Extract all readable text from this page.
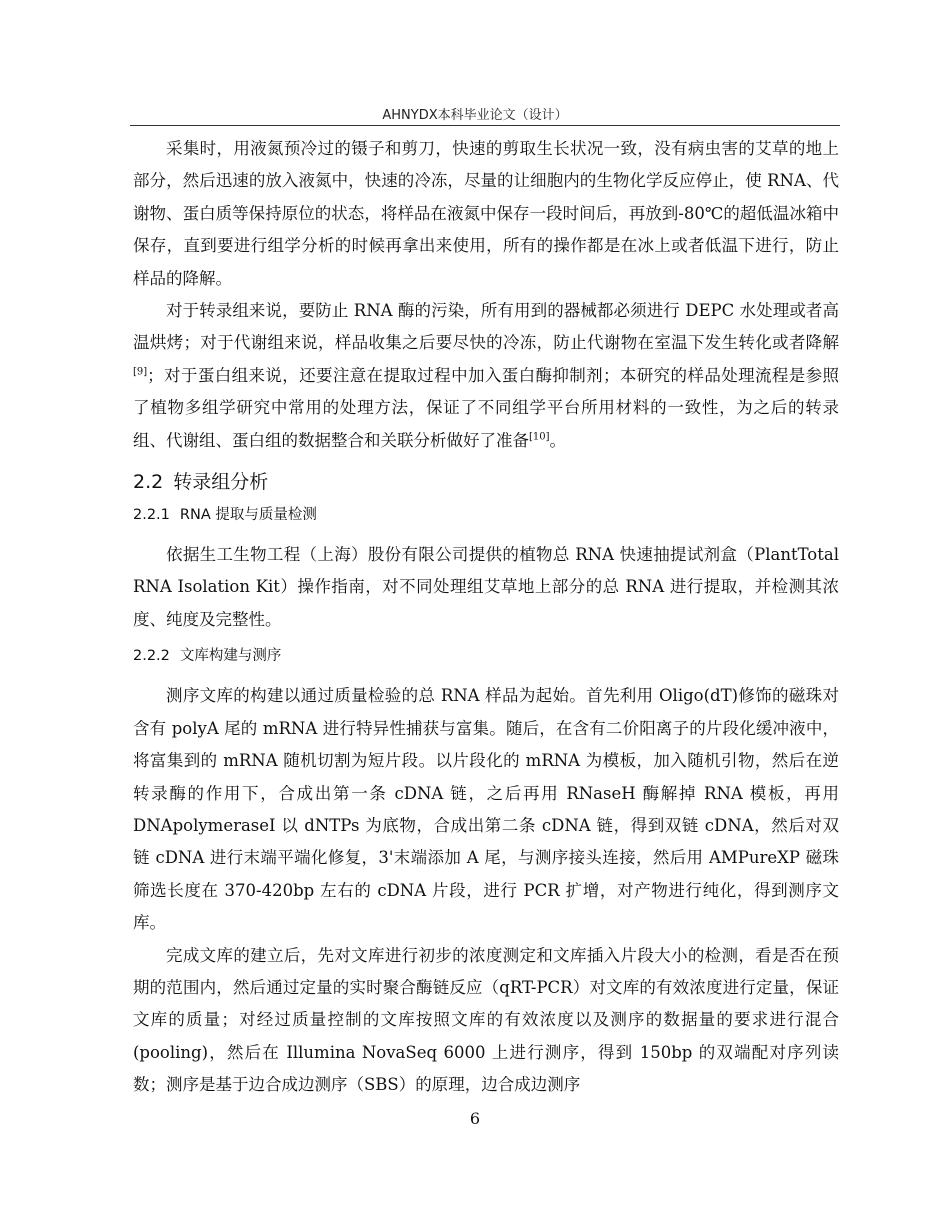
AHNYDX本科毕业论文（设计）

采集时，用液氮预冷过的镊子和剪刀，快速的剪取生长状况一致，没有病虫害的艾草的地上部分，然后迅速的放入液氮中，快速的冷冻，尽量的让细胞内的生物化学反应停止，使 RNA、代谢物、蛋白质等保持原位的状态，将样品在液氮中保存一段时间后，再放到-80℃的超低温冰箱中保存，直到要进行组学分析的时候再拿出来使用，所有的操作都是在冰上或者低温下进行，防止样品的降解。

对于转录组来说，要防止 RNA 酶的污染，所有用到的器械都必须进行 DEPC 水处理或者高温烘烤；对于代谢组来说，样品收集之后要尽快的冷冻，防止代谢物在室温下发生转化或者降解[9]；对于蛋白组来说，还要注意在提取过程中加入蛋白酶抑制剂；本研究的样品处理流程是参照了植物多组学研究中常用的处理方法，保证了不同组学平台所用材料的一致性，为之后的转录组、代谢组、蛋白组的数据整合和关联分析做好了准备[10]。

2.2 转录组分析
2.2.1 RNA 提取与质量检测

依据生工生物工程（上海）股份有限公司提供的植物总 RNA 快速抽提试剂盒（PlantTotal RNA Isolation Kit）操作指南，对不同处理组艾草地上部分的总 RNA 进行提取，并检测其浓度、纯度及完整性。

2.2.2 文库构建与测序

测序文库的构建以通过质量检验的总 RNA 样品为起始。首先利用 Oligo(dT)修饰的磁珠对含有 polyA 尾的 mRNA 进行特异性捕获与富集。随后，在含有二价阳离子的片段化缓冲液中，将富集到的 mRNA 随机切割为短片段。以片段化的 mRNA 为模板，加入随机引物，然后在逆转录酶的作用下，合成出第一条 cDNA 链，之后再用 RNaseH 酶解掉 RNA 模板，再用 DNApolymeraseI 以 dNTPs 为底物，合成出第二条 cDNA 链，得到双链 cDNA，然后对双链 cDNA 进行末端平端化修复，3'末端添加 A 尾，与测序接头连接，然后用 AMPureXP 磁珠筛选长度在 370-420bp 左右的 cDNA 片段，进行 PCR 扩增，对产物进行纯化，得到测序文库。

完成文库的建立后，先对文库进行初步的浓度测定和文库插入片段大小的检测，看是否在预期的范围内，然后通过定量的实时聚合酶链反应（qRT-PCR）对文库的有效浓度进行定量，保证文库的质量；对经过质量控制的文库按照文库的有效浓度以及测序的数据量的要求进行混合(pooling)，然后在 Illumina NovaSeq 6000 上进行测序，得到 150bp 的双端配对序列读数；测序是基于边合成边测序（SBS）的原理，边合成边测序

6
